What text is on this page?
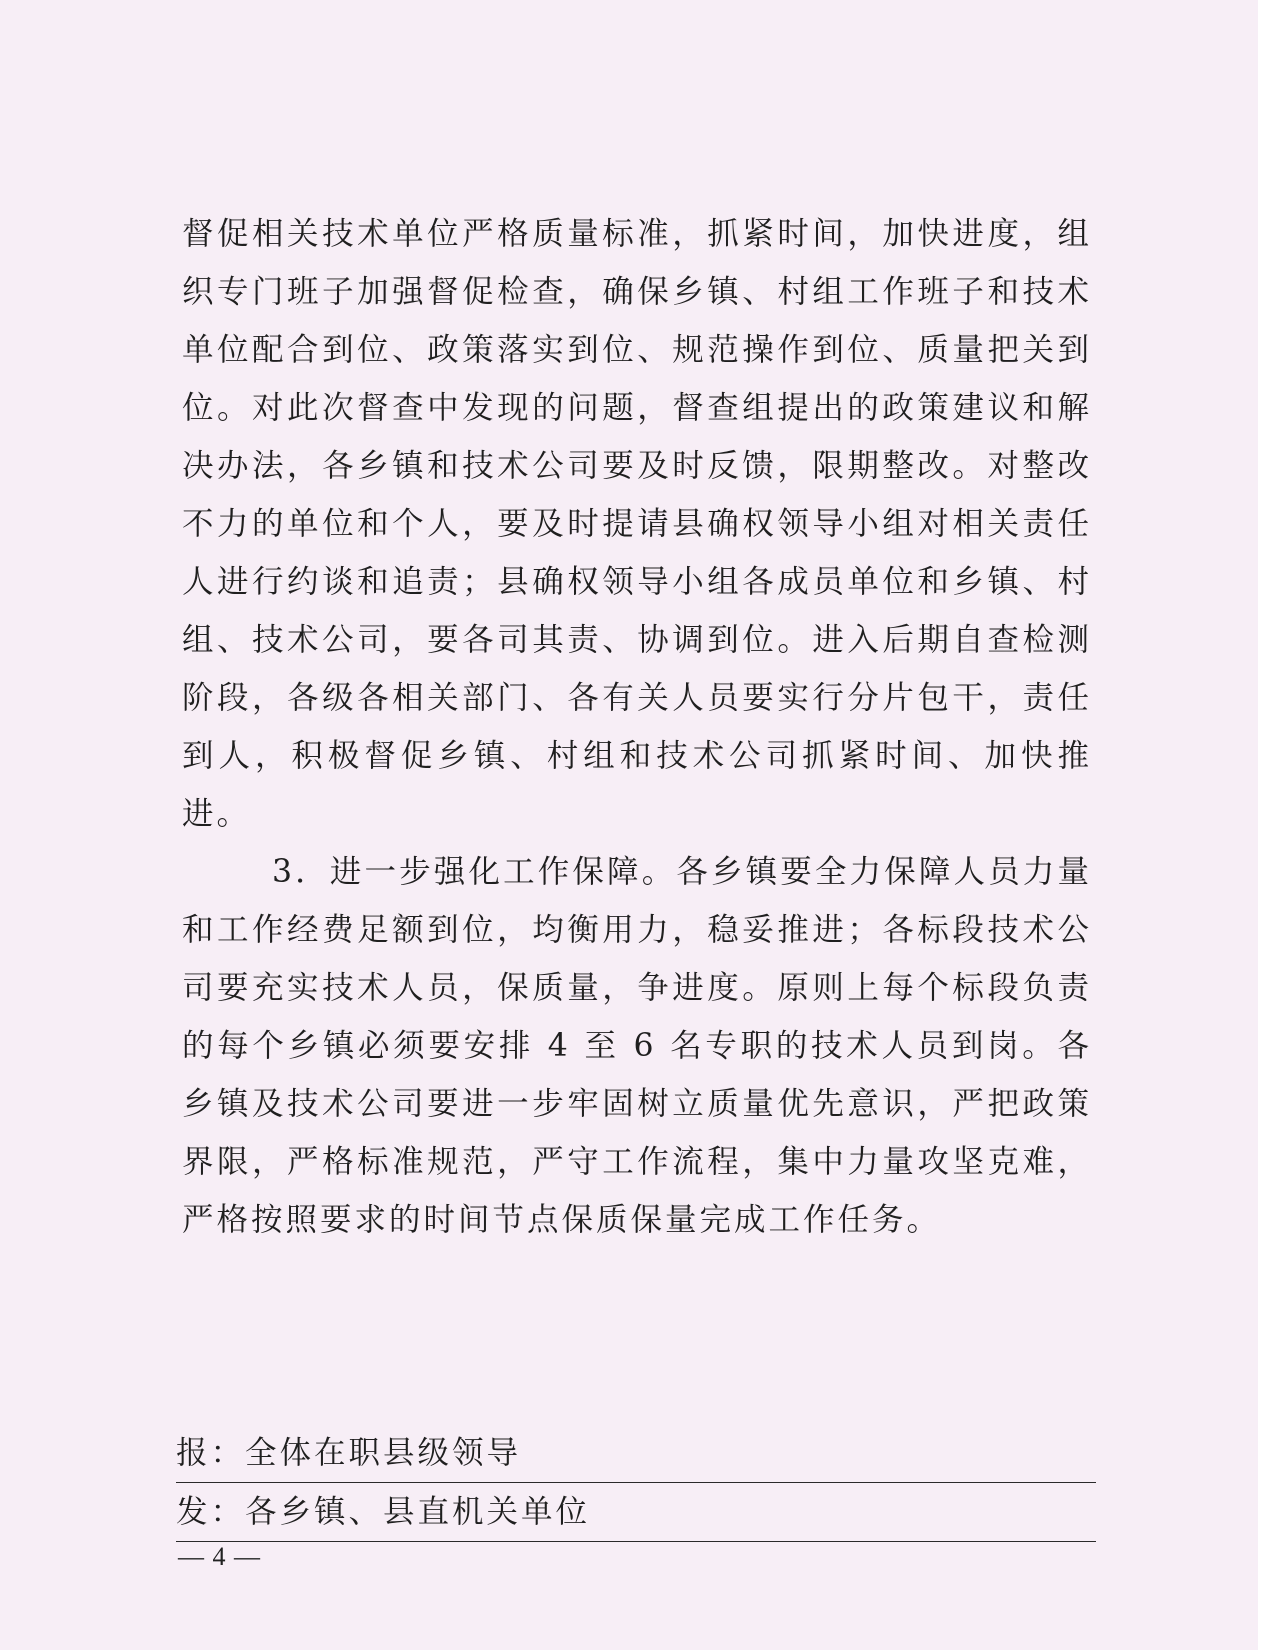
督促相关技术单位严格质量标准，抓紧时间，加快进度，组织专门班子加强督促检查，确保乡镇、村组工作班子和技术单位配合到位、政策落实到位、规范操作到位、质量把关到位。对此次督查中发现的问题，督查组提出的政策建议和解决办法，各乡镇和技术公司要及时反馈，限期整改。对整改不力的单位和个人，要及时提请县确权领导小组对相关责任人进行约谈和追责；县确权领导小组各成员单位和乡镇、村组、技术公司，要各司其责、协调到位。进入后期自查检测阶段，各级各相关部门、各有关人员要实行分片包干，责任到人，积极督促乡镇、村组和技术公司抓紧时间、加快推进。

3．进一步强化工作保障。各乡镇要全力保障人员力量和工作经费足额到位，均衡用力，稳妥推进；各标段技术公司要充实技术人员，保质量，争进度。原则上每个标段负责的每个乡镇必须要安排 4 至 6 名专职的技术人员到岗。各乡镇及技术公司要进一步牢固树立质量优先意识，严把政策界限，严格标准规范，严守工作流程，集中力量攻坚克难，严格按照要求的时间节点保质保量完成工作任务。

报：全体在职县级领导
发：各乡镇、县直机关单位
— 4 —
